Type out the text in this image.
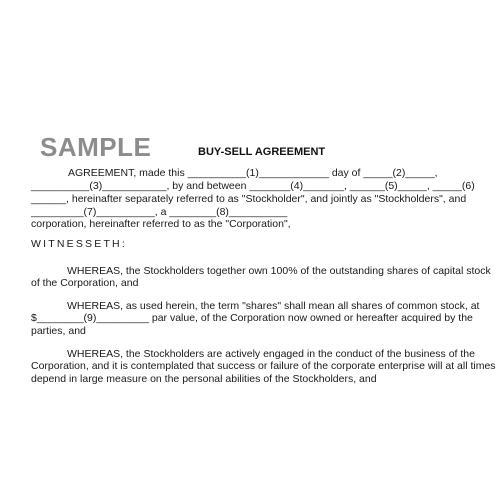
SAMPLE	BUY-SELL AGREEMENT
AGREEMENT, made this __________(1)____________ day of _____(2)_____,
__________(3)___________, by and between _______(4)_______, ______(5)_____, _____(6)
______, hereinafter separately referred to as "Stockholder", and jointly as "Stockholders", and
_________(7)__________, a ________(8)__________
corporation, hereinafter referred to as the "Corporation",
WITNESSETH:
WHEREAS, the Stockholders together own 100% of the outstanding shares of capital stock of the Corporation, and
WHEREAS, as used herein, the term "shares" shall mean all shares of common stock, at $________(9)_________ par value, of the Corporation now owned or hereafter acquired by the parties, and
WHEREAS, the Stockholders are actively engaged in the conduct of the business of the Corporation, and it is contemplated that success or failure of the corporate enterprise will at all times depend in large measure on the personal abilities of the Stockholders, and
